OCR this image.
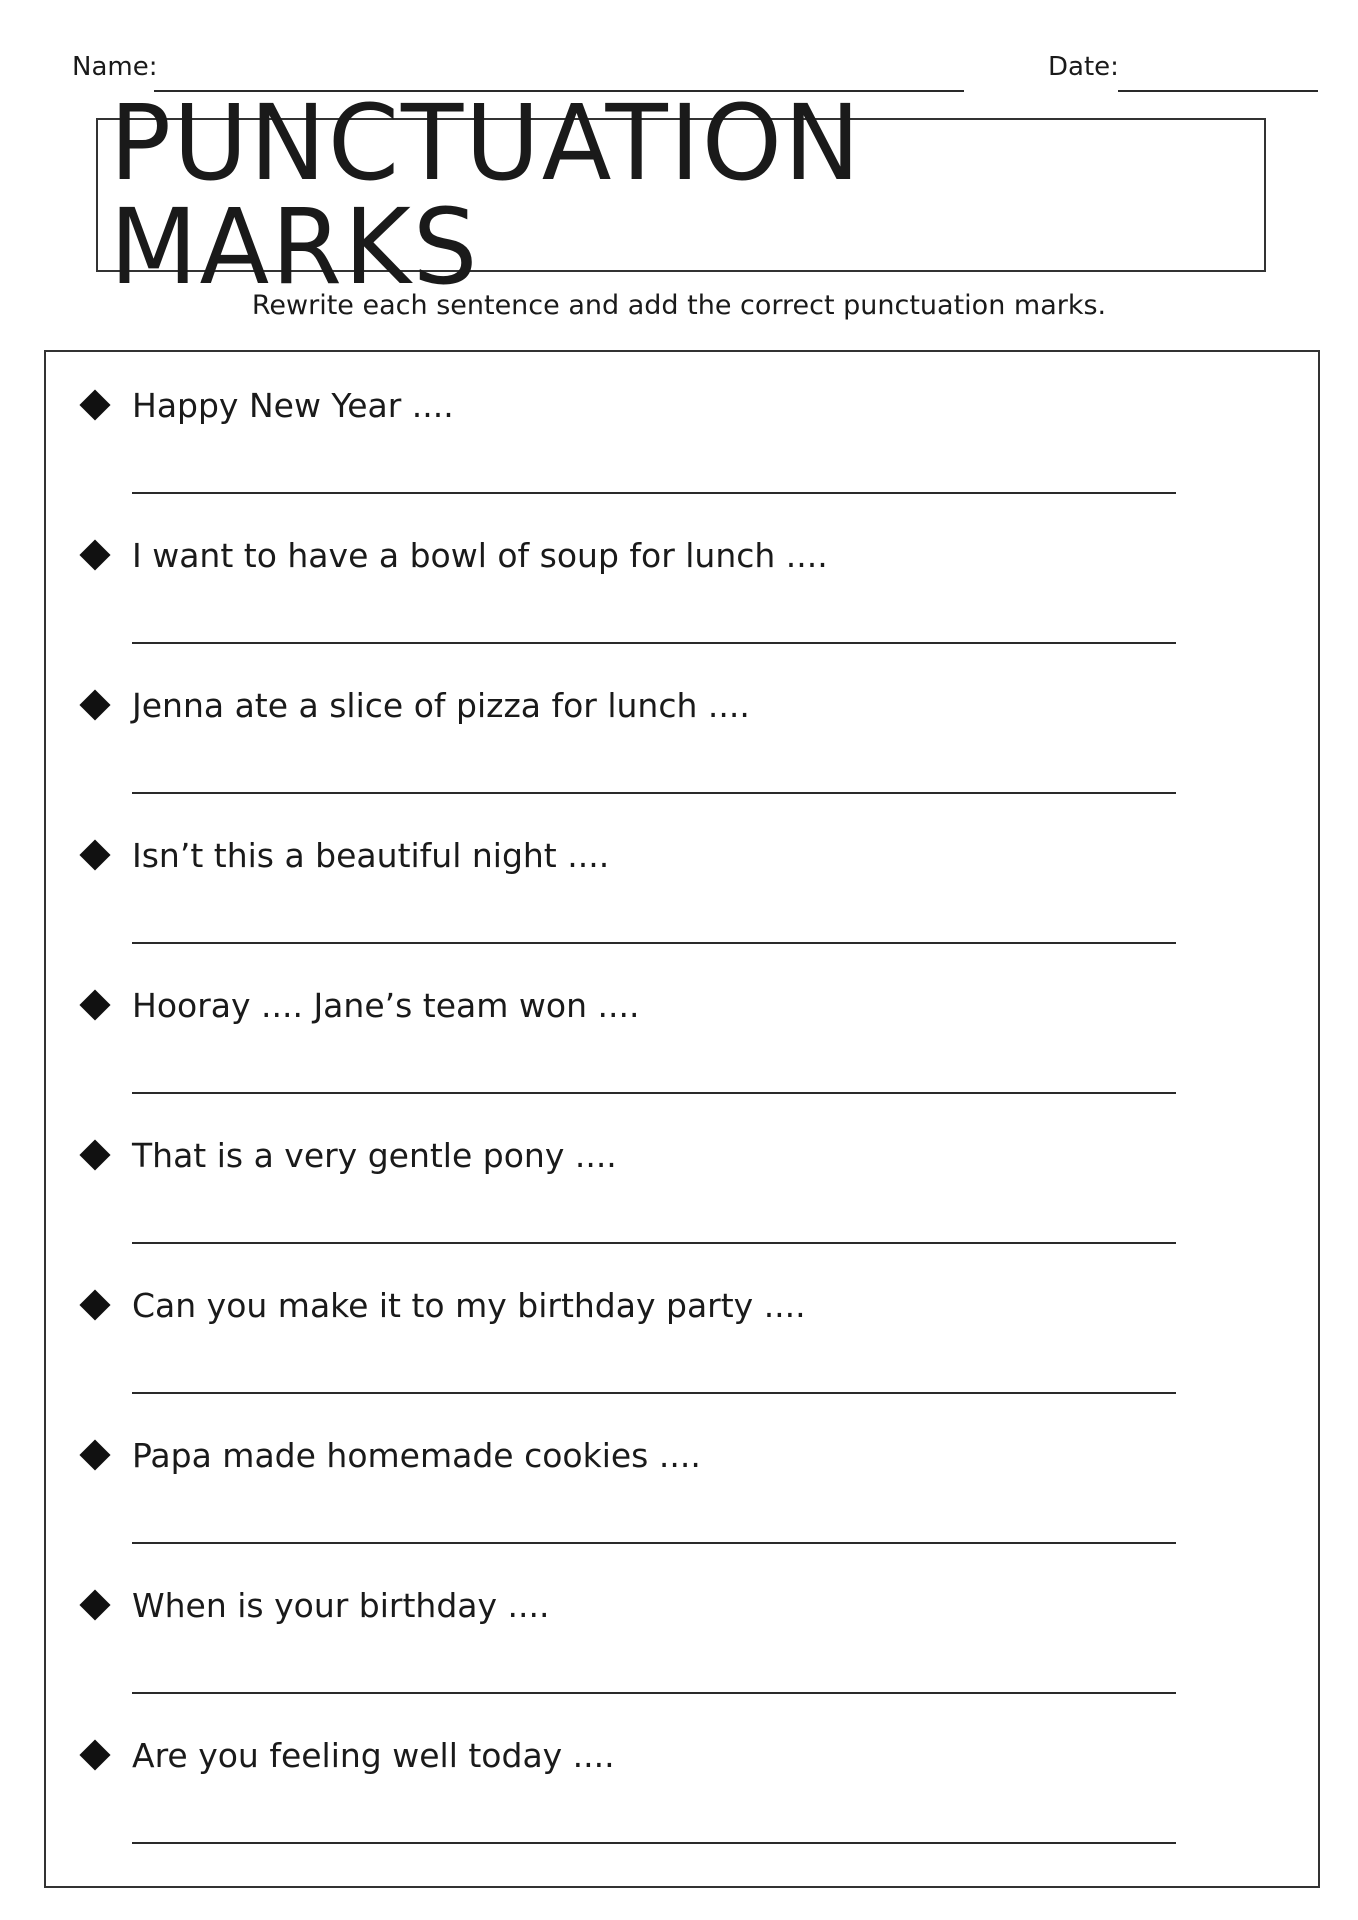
Name:	Date:
PUNCTUATION MARKS
Rewrite each sentence and add the correct punctuation marks.
Happy New Year ....
I want to have a bowl of soup for lunch ....
Jenna ate a slice of pizza for lunch ....
Isn’t this a beautiful night ....
Hooray .... Jane’s team won ....
That is a very gentle pony ....
Can you make it to my birthday party ....
Papa made homemade cookies ....
When is your birthday ....
Are you feeling well today ....
